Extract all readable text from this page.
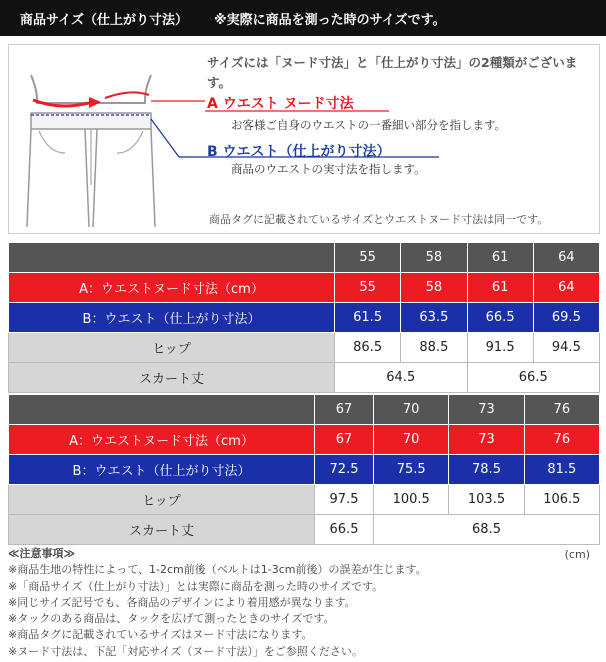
商品サイズ（仕上がり寸法） ※実際に商品を測った時のサイズです。
サイズには「ヌード寸法」と「仕上がり寸法」の2種類がございます。
A ウエスト ヌード寸法
お客様ご自身のウエストの一番細い部分を指します。
B ウエスト（仕上がり寸法）
商品のウエストの実寸法を指します。
商品タグに記載されているサイズとウエストヌード寸法は同一です。
	55	58	61	64
A：ウエストヌード寸法（cm）	55	58	61	64
B：ウエスト（仕上がり寸法）	61.5	63.5	66.5	69.5
ヒップ	86.5	88.5	91.5	94.5
スカート丈	64.5		66.5	
	67	70	73	76
A：ウエストヌード寸法（cm）	67	70	73	76
B：ウエスト（仕上がり寸法）	72.5	75.5	78.5	81.5
ヒップ	97.5	100.5	103.5	106.5
スカート丈	66.5	68.5		
(cm)
≪注意事項≫
※商品生地の特性によって、1-2cm前後（ベルトは1-3cm前後）の誤差が生じます。
※「商品サイズ（仕上がり寸法）」とは実際に商品を測った時のサイズです。
※同じサイズ記号でも、各商品のデザインにより着用感が異なります。
※タックのある商品は、タックを広げて測ったときのサイズです。
※商品タグに記載されているサイズはヌード寸法になります。
※ヌード寸法は、下記「対応サイズ（ヌード寸法）」をご参照ください。
